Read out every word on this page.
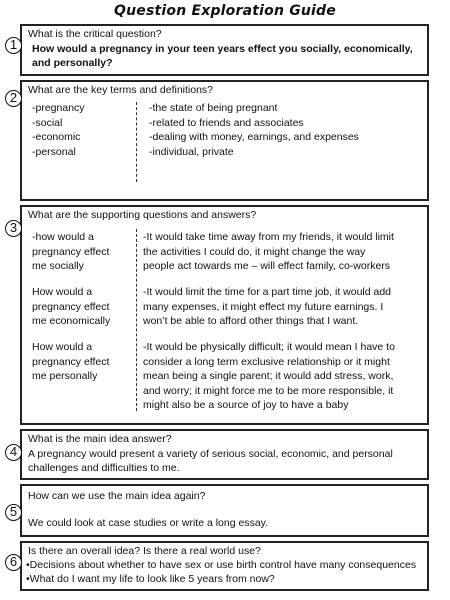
Question Exploration Guide
What is the critical question?
How would a pregnancy in your teen years effect you socially, economically, and personally?
1
What are the key terms and definitions?
-pregnancy
-social
-economic
-personal
-the state of being pregnant
-related to friends and associates
-dealing with money, earnings, and expenses
-individual, private
2
What are the supporting questions and answers?
-how would a
pregnancy effect
me socially
-It would take time away from my friends, it would limit
the activities I could do, it might change the way
people act towards me – will effect family, co-workers
How would a
pregnancy effect
me economically
-It would limit the time for a part time job, it would add
many expenses, it might effect my future earnings. I
won’t be able to afford other things that I want.
How would a
pregnancy effect
me personally
-It would be physically difficult; it would mean I have to
consider a long term exclusive relationship or it might
mean being a single parent; it would add stress, work,
and worry; it might force me to be more responsible, it
might also be a source of joy to have a baby
3
What is the main idea answer?
A pregnancy would present a variety of serious social, economic, and personal challenges and difficulties to me.
4
How can we use the main idea again?
We could look at case studies or write a long essay.
5
Is there an overall idea? Is there a real world use?
•Decisions about whether to have sex or use birth control have many consequences
•What do I want my life to look like 5 years from now?
6
